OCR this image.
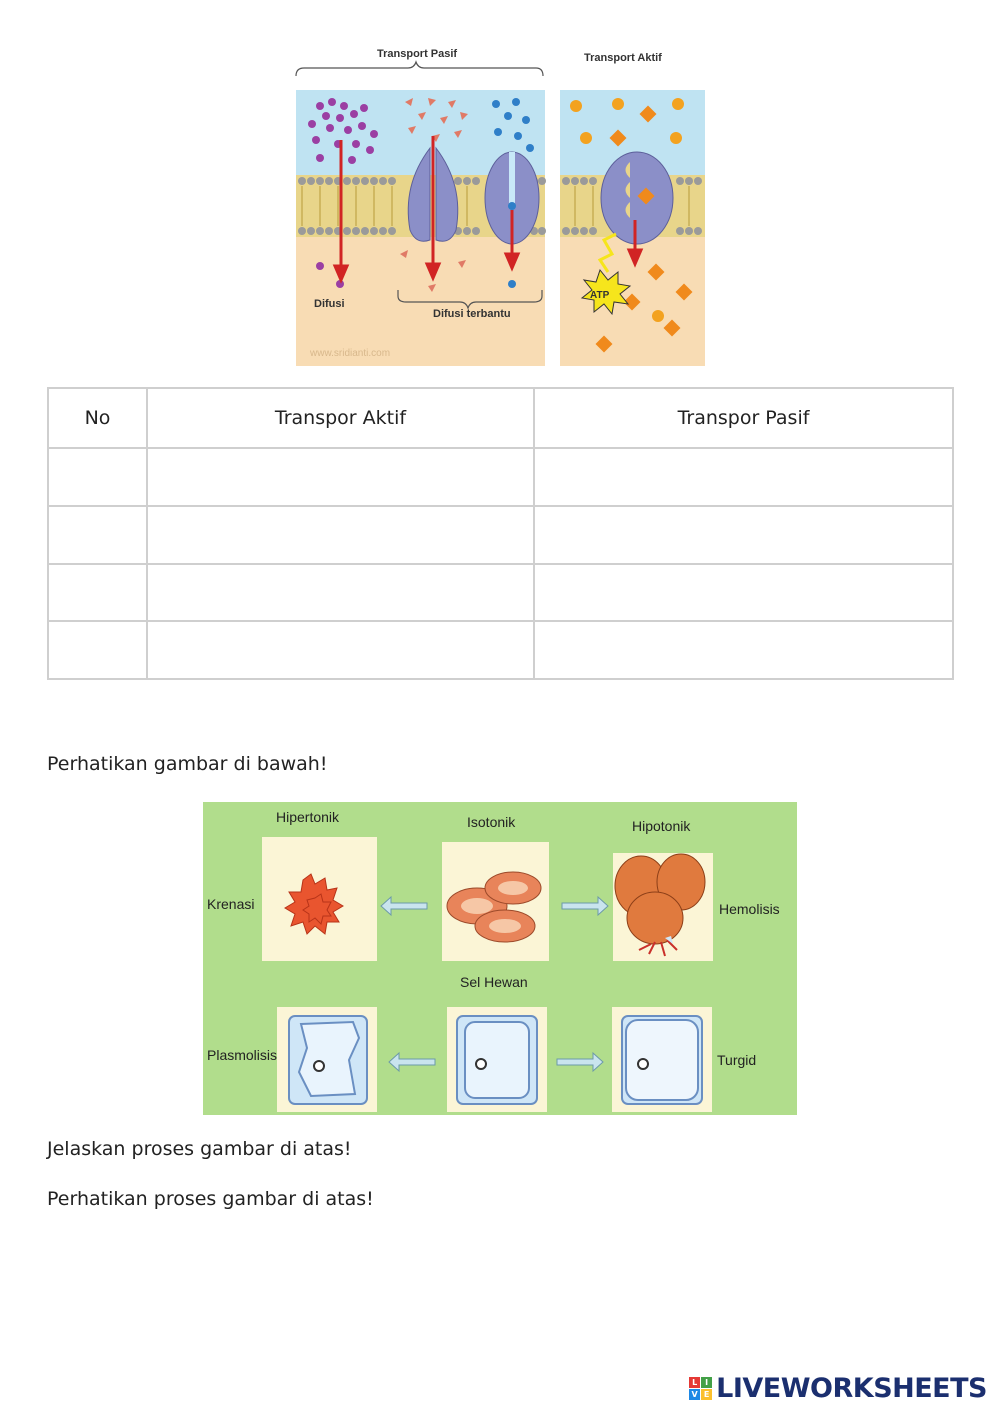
Transport Pasif	Transport Aktif
Difusi
Difusi terbantu
ATP
www.sridianti.com
No	Transpor Aktif	Transpor Pasif

Perhatikan gambar di bawah!
Hipertonik	Isotonik	Hipotonik
Krenasi	Hemolisis
Sel Hewan
Plasmolisis	Turgid
Jelaskan proses gambar di atas!
Perhatikan proses gambar di atas!
L I
V E LIVEWORKSHEETS
